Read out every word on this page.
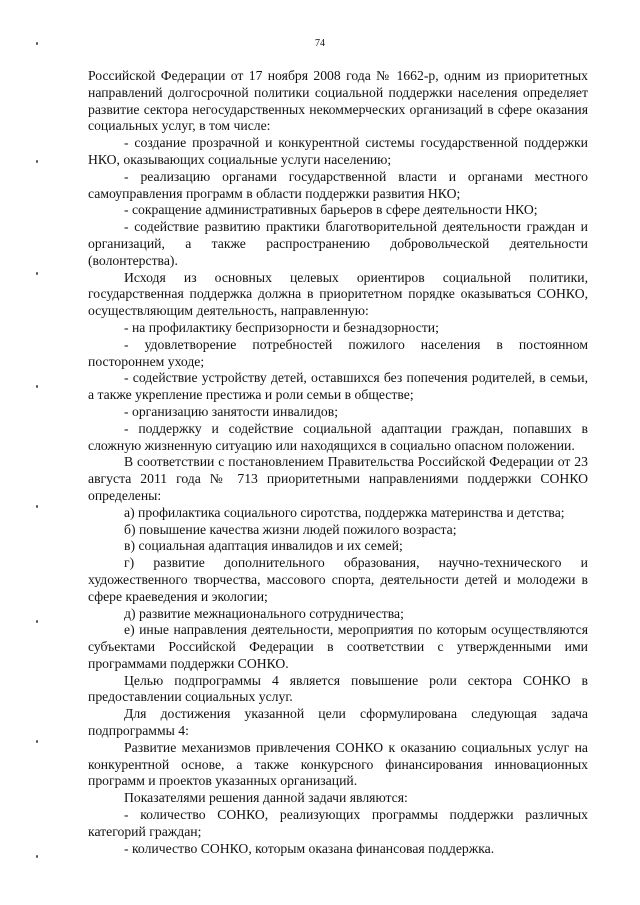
74

Российской Федерации от 17 ноября 2008 года № 1662-р, одним из приоритетных направлений долгосрочной политики социальной поддержки населения определяет развитие сектора негосударственных некоммерческих организаций в сфере оказания социальных услуг, в том числе:

- создание прозрачной и конкурентной системы государственной поддержки НКО, оказывающих социальные услуги населению;

- реализацию органами государственной власти и органами местного самоуправления программ в области поддержки развития НКО;

- сокращение административных барьеров в сфере деятельности НКО;

- содействие развитию практики благотворительной деятельности граждан и организаций, а также распространению добровольческой деятельности (волонтерства).

Исходя из основных целевых ориентиров социальной политики, государственная поддержка должна в приоритетном порядке оказываться СОНКО, осуществляющим деятельность, направленную:

- на профилактику беспризорности и безнадзорности;

- удовлетворение потребностей пожилого населения в постоянном постороннем уходе;

- содействие устройству детей, оставшихся без попечения родителей, в семьи, а также укрепление престижа и роли семьи в обществе;

- организацию занятости инвалидов;

- поддержку и содействие социальной адаптации граждан, попавших в сложную жизненную ситуацию или находящихся в социально опасном положении.

В соответствии с постановлением Правительства Российской Федерации от 23 августа 2011 года № 713 приоритетными направлениями поддержки СОНКО определены:

а) профилактика социального сиротства, поддержка материнства и детства;

б) повышение качества жизни людей пожилого возраста;

в) социальная адаптация инвалидов и их семей;

г) развитие дополнительного образования, научно-технического и художественного творчества, массового спорта, деятельности детей и молодежи в сфере краеведения и экологии;

д) развитие межнационального сотрудничества;

е) иные направления деятельности, мероприятия по которым осуществляются субъектами Российской Федерации в соответствии с утвержденными ими программами поддержки СОНКО.

Целью подпрограммы 4 является повышение роли сектора СОНКО в предоставлении социальных услуг.

Для достижения указанной цели сформулирована следующая задача подпрограммы 4:

Развитие механизмов привлечения СОНКО к оказанию социальных услуг на конкурентной основе, а также конкурсного финансирования инновационных программ и проектов указанных организаций.

Показателями решения данной задачи являются:

- количество СОНКО, реализующих программы поддержки различных категорий граждан;

- количество СОНКО, которым оказана финансовая поддержка.
